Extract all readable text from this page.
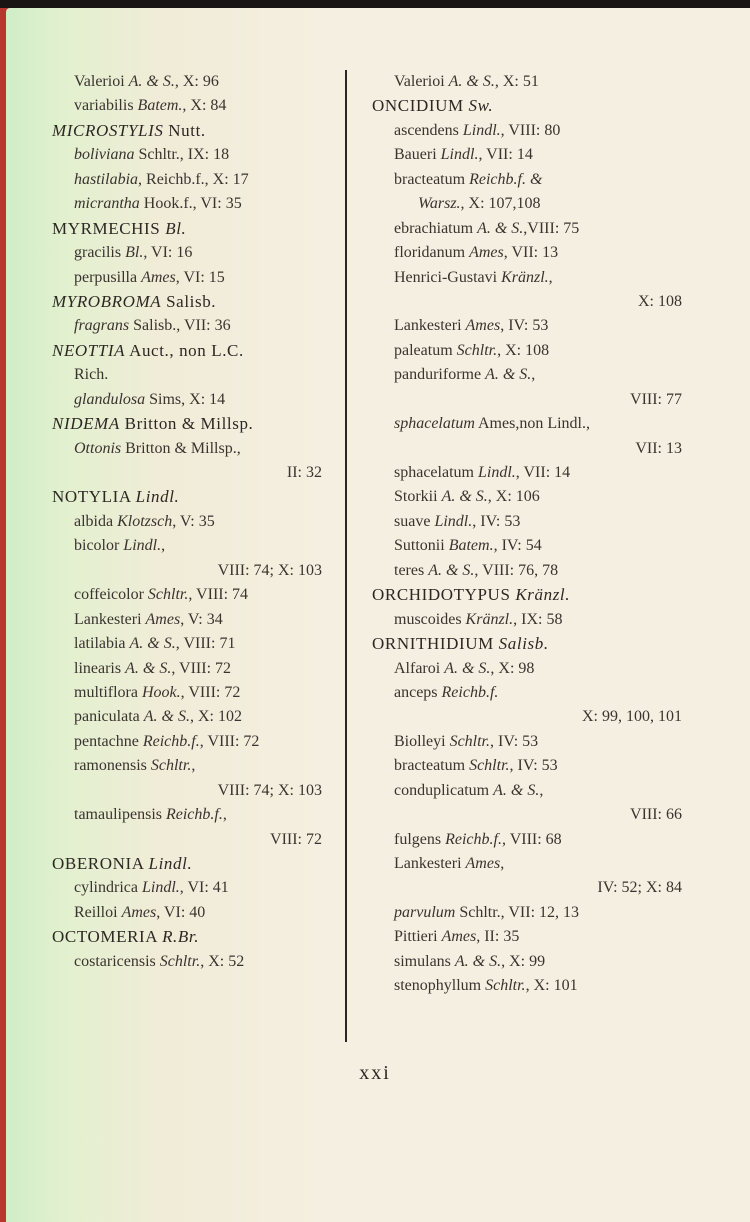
Valerioi A. & S., X: 96
variabilis Batem., X: 84
MICROSTYLIS Nutt.
boliviana Schltr., IX: 18
hastilabia, Reichb.f., X: 17
micrantha Hook.f., VI: 35
MYRMECHIS Bl.
gracilis Bl., VI: 16
perpusilla Ames, VI: 15
MYROBROMA Salisb.
fragrans Salisb., VII: 36
NEOTTIA Auct., non L.C.
Rich.
glandulosa Sims, X: 14
NIDEMA Britton & Millsp.
Ottonis Britton & Millsp.,
II: 32
NOTYLIA Lindl.
albida Klotzsch, V: 35
bicolor Lindl.,
VIII: 74; X: 103
coffeicolor Schltr., VIII: 74
Lankesteri Ames, V: 34
latilabia A. & S., VIII: 71
linearis A. & S., VIII: 72
multiflora Hook., VIII: 72
paniculata A. & S., X: 102
pentachne Reichb.f., VIII: 72
ramonensis Schltr.,
VIII: 74; X: 103
tamaulipensis Reichb.f.,
VIII: 72
OBERONIA Lindl.
cylindrica Lindl., VI: 41
Reilloi Ames, VI: 40
OCTOMERIA R.Br.
costaricensis Schltr., X: 52
Valerioi A. & S., X: 51
ONCIDIUM Sw.
ascendens Lindl., VIII: 80
Baueri Lindl., VII: 14
bracteatum Reichb.f. &
Warsz., X: 107,108
ebrachiatum A. & S.,VIII: 75
floridanum Ames, VII: 13
Henrici-Gustavi Kränzl.,
X: 108
Lankesteri Ames, IV: 53
paleatum Schltr., X: 108
panduriforme A. & S.,
VIII: 77
sphacelatum Ames,non Lindl.,
VII: 13
sphacelatum Lindl., VII: 14
Storkii A. & S., X: 106
suave Lindl., IV: 53
Suttonii Batem., IV: 54
teres A. & S., VIII: 76, 78
ORCHIDOTYPUS Kränzl.
muscoides Kränzl., IX: 58
ORNITHIDIUM Salisb.
Alfaroi A. & S., X: 98
anceps Reichb.f.
X: 99, 100, 101
Biolleyi Schltr., IV: 53
bracteatum Schltr., IV: 53
conduplicatum A. & S.,
VIII: 66
fulgens Reichb.f., VIII: 68
Lankesteri Ames,
IV: 52; X: 84
parvulum Schltr., VII: 12, 13
Pittieri Ames, II: 35
simulans A. & S., X: 99
stenophyllum Schltr., X: 101
xxi
